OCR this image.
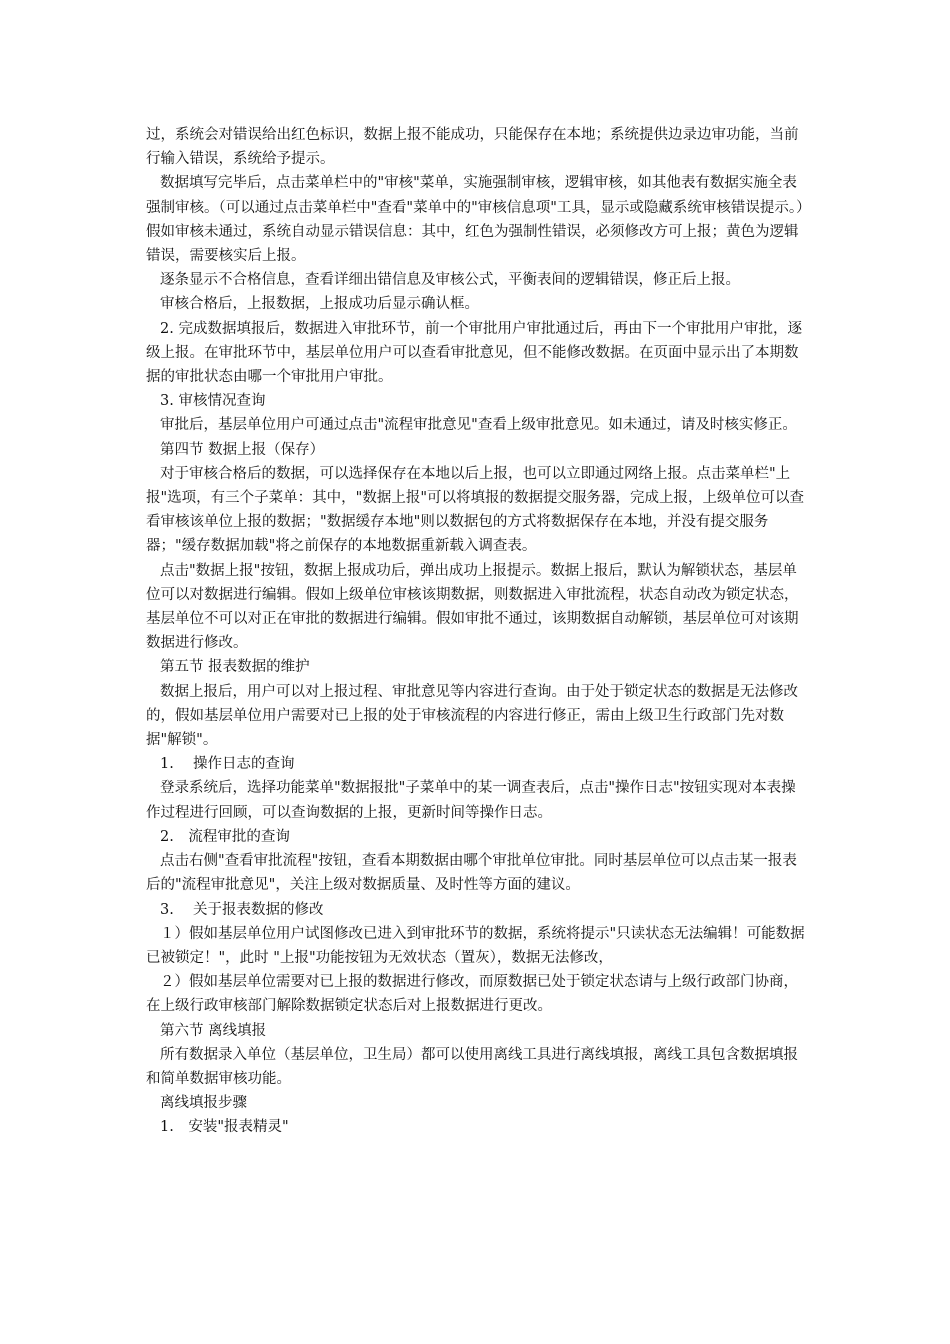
过，系统会对错误给出红色标识，数据上报不能成功，只能保存在本地；系统提供边录边审功能，当前行输入错误，系统给予提示。

数据填写完毕后，点击菜单栏中的"审核"菜单，实施强制审核，逻辑审核，如其他表有数据实施全表强制审核。（可以通过点击菜单栏中"查看"菜单中的"审核信息项"工具，显示或隐藏系统审核错误提示。）假如审核未通过，系统自动显示错误信息：其中，红色为强制性错误，必须修改方可上报；黄色为逻辑错误，需要核实后上报。

逐条显示不合格信息，查看详细出错信息及审核公式，平衡表间的逻辑错误，修正后上报。

审核合格后，上报数据，上报成功后显示确认框。

2. 完成数据填报后，数据进入审批环节，前一个审批用户审批通过后，再由下一个审批用户审批，逐级上报。在审批环节中，基层单位用户可以查看审批意见，但不能修改数据。在页面中显示出了本期数据的审批状态由哪一个审批用户审批。

3. 审核情况查询

审批后，基层单位用户可通过点击"流程审批意见"查看上级审批意见。如未通过，请及时核实修正。

第四节 数据上报（保存）

对于审核合格后的数据，可以选择保存在本地以后上报，也可以立即通过网络上报。点击菜单栏"上报"选项，有三个子菜单：其中，"数据上报"可以将填报的数据提交服务器，完成上报，上级单位可以查看审核该单位上报的数据；"数据缓存本地"则以数据包的方式将数据保存在本地，并没有提交服务器；"缓存数据加载"将之前保存的本地数据重新载入调查表。

点击"数据上报"按钮，数据上报成功后，弹出成功上报提示。数据上报后，默认为解锁状态，基层单位可以对数据进行编辑。假如上级单位审核该期数据，则数据进入审批流程，状态自动改为锁定状态，基层单位不可以对正在审批的数据进行编辑。假如审批不通过，该期数据自动解锁，基层单位可对该期数据进行修改。

第五节 报表数据的维护

数据上报后，用户可以对上报过程、审批意见等内容进行查询。由于处于锁定状态的数据是无法修改的，假如基层单位用户需要对已上报的处于审核流程的内容进行修正，需由上级卫生行政部门先对数据"解锁"。

1.　 操作日志的查询

登录系统后，选择功能菜单"数据报批"子菜单中的某一调查表后，点击"操作日志"按钮实现对本表操作过程进行回顾，可以查询数据的上报，更新时间等操作日志。

2.　流程审批的查询

点击右侧"查看审批流程"按钮，查看本期数据由哪个审批单位审批。同时基层单位可以点击某一报表后的"流程审批意见"，关注上级对数据质量、及时性等方面的建议。

3.　 关于报表数据的修改

１）假如基层单位用户试图修改已进入到审批环节的数据，系统将提示"只读状态无法编辑！可能数据已被锁定！"，此时 "上报"功能按钮为无效状态（置灰），数据无法修改，

２）假如基层单位需要对已上报的数据进行修改，而原数据已处于锁定状态请与上级行政部门协商，在上级行政审核部门解除数据锁定状态后对上报数据进行更改。

第六节 离线填报

所有数据录入单位（基层单位，卫生局）都可以使用离线工具进行离线填报，离线工具包含数据填报和简单数据审核功能。

离线填报步骤

1.　安装"报表精灵"
